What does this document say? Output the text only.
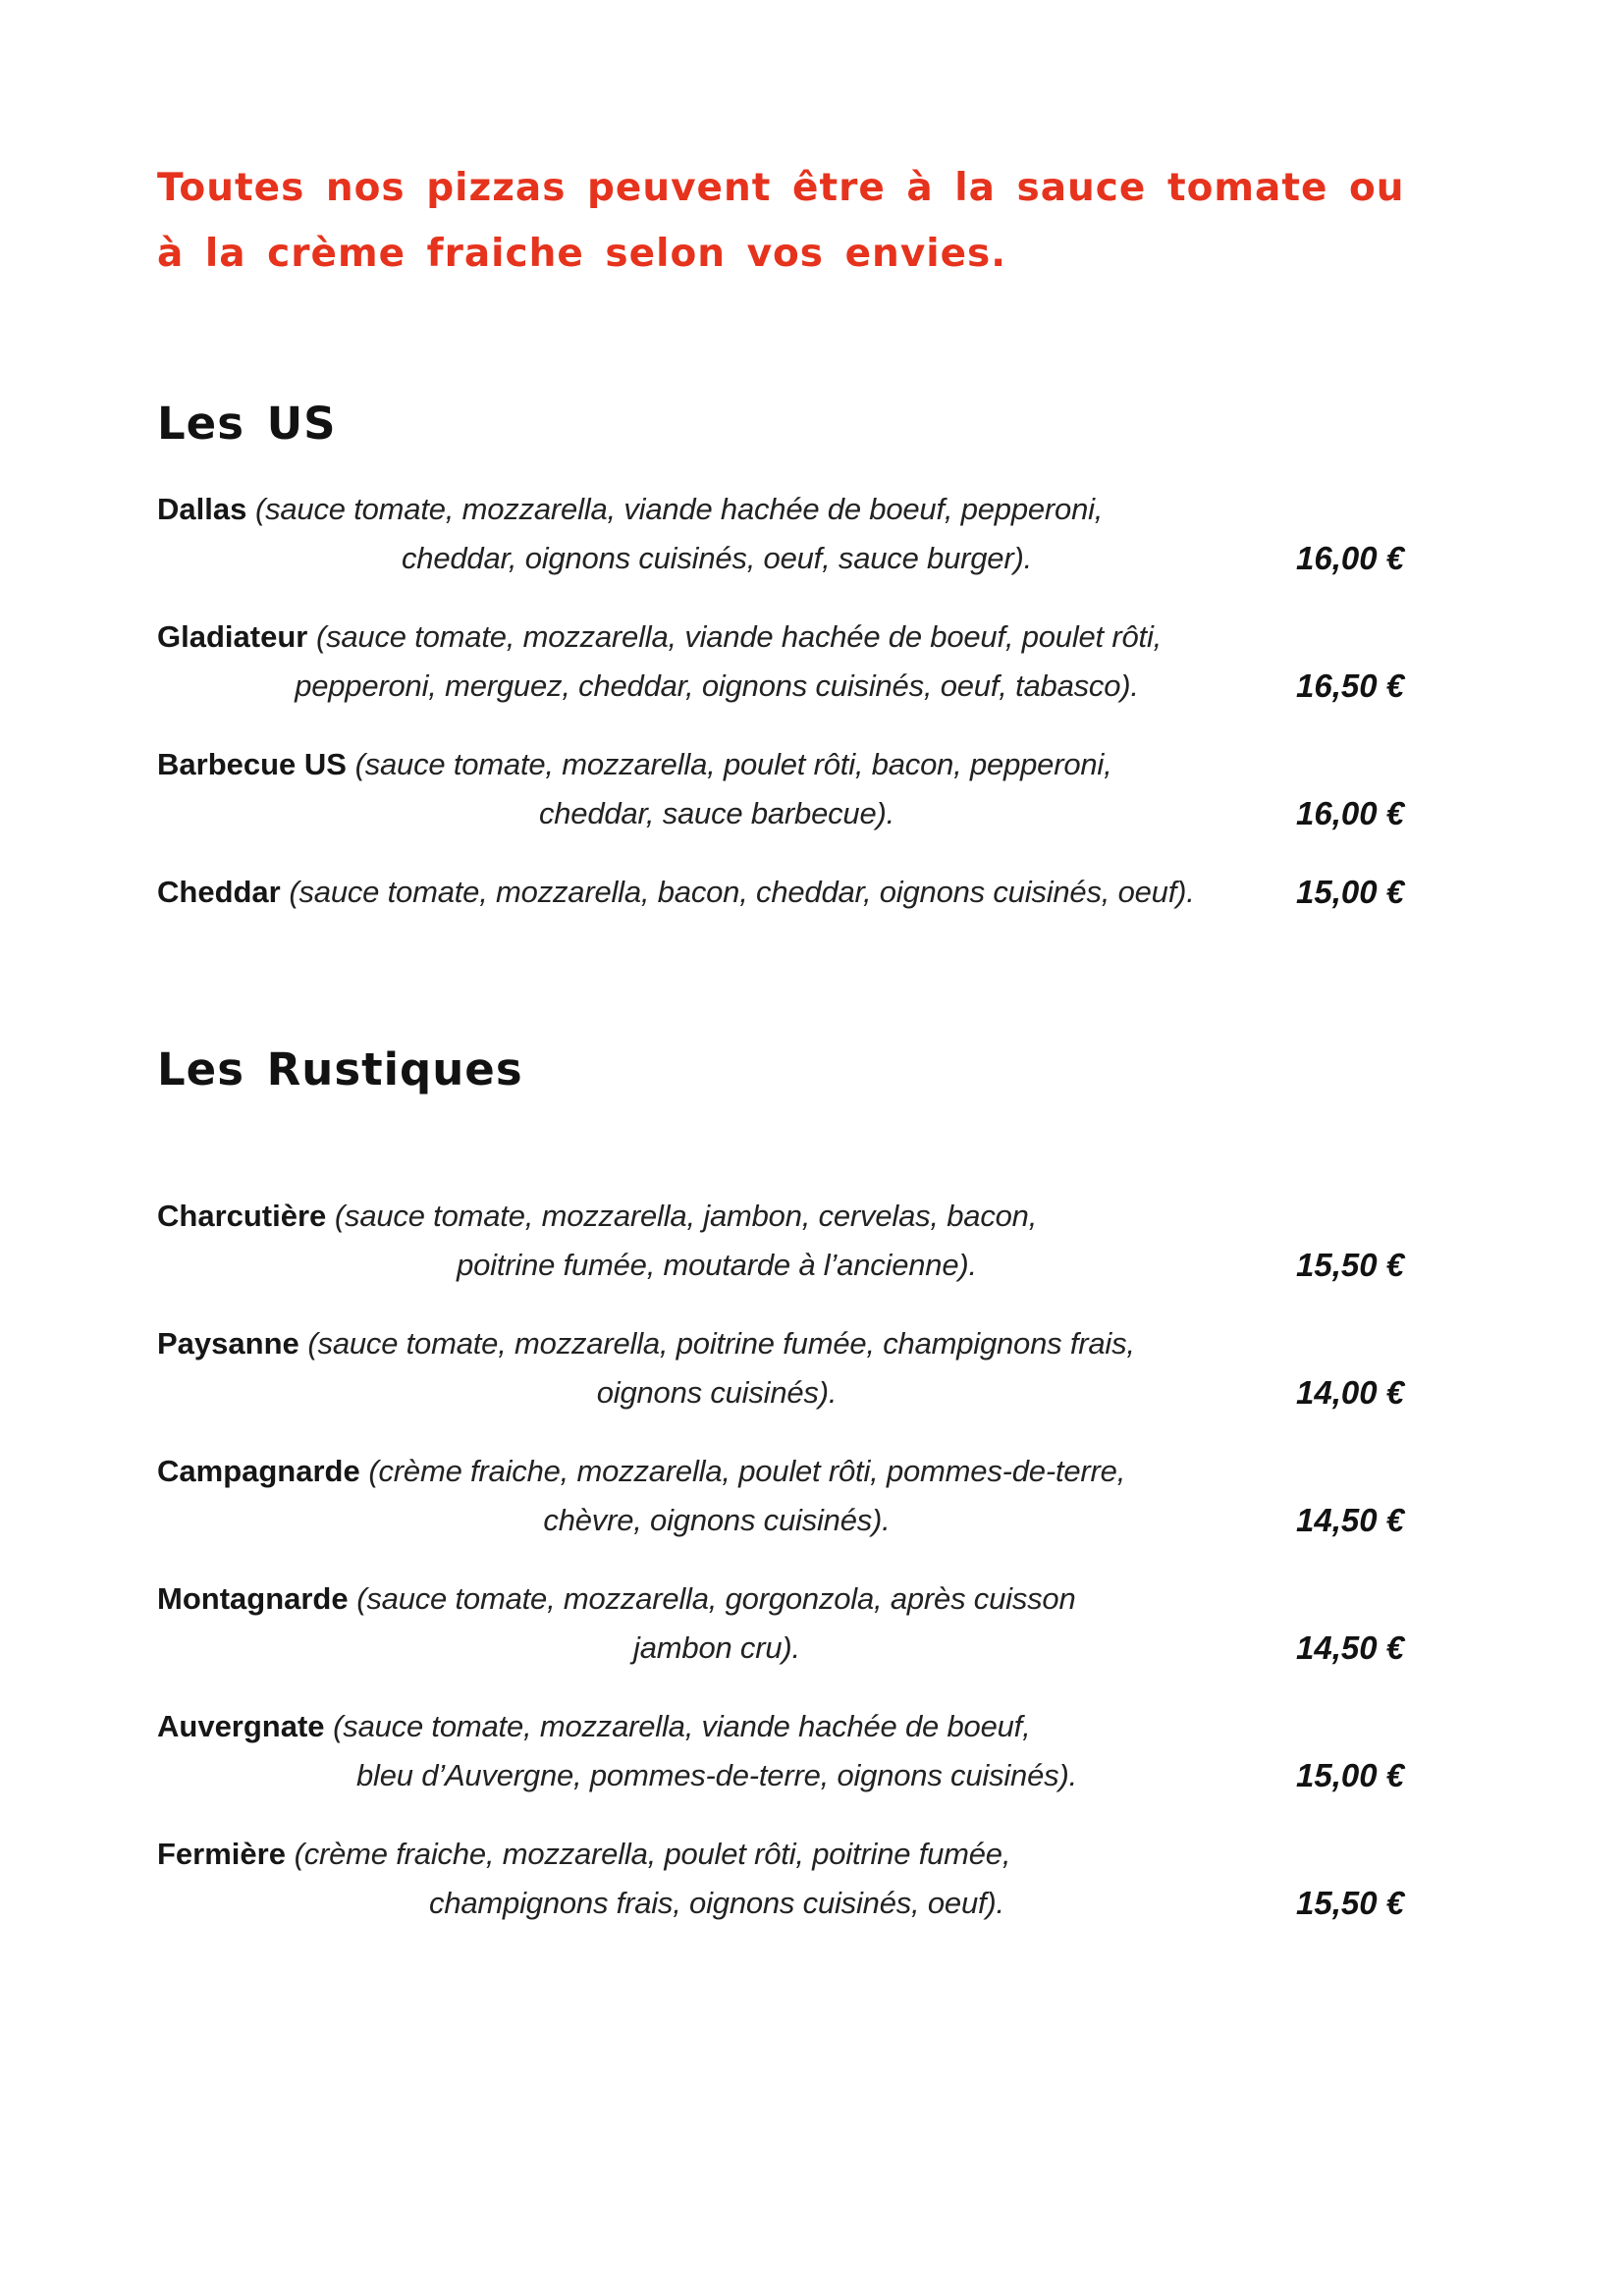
Toutes nos pizzas peuvent être à la sauce tomate ou
à la crème fraiche selon vos envies.
Les US
Dallas (sauce tomate, mozzarella, viande hachée de boeuf, pepperoni,
cheddar, oignons cuisinés, oeuf, sauce burger).	16,00 €
Gladiateur (sauce tomate, mozzarella, viande hachée de boeuf, poulet rôti,
pepperoni, merguez, cheddar, oignons cuisinés, oeuf, tabasco).	16,50 €
Barbecue US (sauce tomate, mozzarella, poulet rôti, bacon, pepperoni,
cheddar, sauce barbecue).	16,00 €
Cheddar (sauce tomate, mozzarella, bacon, cheddar, oignons cuisinés, oeuf).	15,00 €
Les Rustiques
Charcutière (sauce tomate, mozzarella, jambon, cervelas, bacon,
poitrine fumée, moutarde à l’ancienne).	15,50 €
Paysanne (sauce tomate, mozzarella, poitrine fumée, champignons frais,
oignons cuisinés).	14,00 €
Campagnarde (crème fraiche, mozzarella, poulet rôti, pommes-de-terre,
chèvre, oignons cuisinés).	14,50 €
Montagnarde (sauce tomate, mozzarella, gorgonzola, après cuisson
jambon cru).	14,50 €
Auvergnate (sauce tomate, mozzarella, viande hachée de boeuf,
bleu d’Auvergne, pommes-de-terre, oignons cuisinés).	15,00 €
Fermière (crème fraiche, mozzarella, poulet rôti, poitrine fumée,
champignons frais, oignons cuisinés, oeuf).	15,50 €
